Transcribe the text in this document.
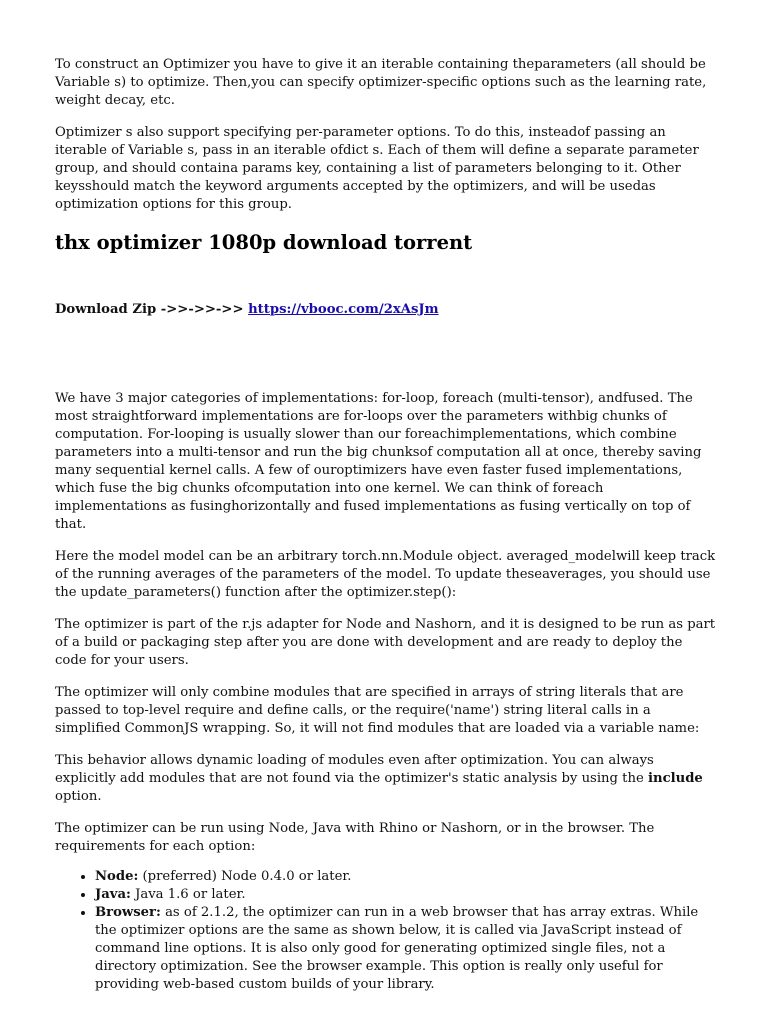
To construct an Optimizer you have to give it an iterable containing theparameters (all should be Variable s) to optimize. Then,you can specify optimizer-specific options such as the learning rate, weight decay, etc.

Optimizer s also support specifying per-parameter options. To do this, insteadof passing an iterable of Variable s, pass in an iterable ofdict s. Each of them will define a separate parameter group, and should containa params key, containing a list of parameters belonging to it. Other keysshould match the keyword arguments accepted by the optimizers, and will be usedas optimization options for this group.

thx optimizer 1080p download torrent
Download Zip ->>->>->> https://vbooc.com/2xAsJm

We have 3 major categories of implementations: for-loop, foreach (multi-tensor), andfused. The most straightforward implementations are for-loops over the parameters withbig chunks of computation. For-looping is usually slower than our foreachimplementations, which combine parameters into a multi-tensor and run the big chunksof computation all at once, thereby saving many sequential kernel calls. A few of ouroptimizers have even faster fused implementations, which fuse the big chunks ofcomputation into one kernel. We can think of foreach implementations as fusinghorizontally and fused implementations as fusing vertically on top of that.

Here the model model can be an arbitrary torch.nn.Module object. averaged_modelwill keep track of the running averages of the parameters of the model. To update theseaverages, you should use the update_parameters() function after the optimizer.step():

The optimizer is part of the r.js adapter for Node and Nashorn, and it is designed to be run as part of a build or packaging step after you are done with development and are ready to deploy the code for your users.

The optimizer will only combine modules that are specified in arrays of string literals that are passed to top-level require and define calls, or the require('name') string literal calls in a simplified CommonJS wrapping. So, it will not find modules that are loaded via a variable name:

This behavior allows dynamic loading of modules even after optimization. You can always explicitly add modules that are not found via the optimizer's static analysis by using the include option.

The optimizer can be run using Node, Java with Rhino or Nashorn, or in the browser. The requirements for each option:

• Node: (preferred) Node 0.4.0 or later.
• Java: Java 1.6 or later.
• Browser: as of 2.1.2, the optimizer can run in a web browser that has array extras. While the optimizer options are the same as shown below, it is called via JavaScript instead of command line options. It is also only good for generating optimized single files, not a directory optimization. See the browser example. This option is really only useful for providing web-based custom builds of your library.
